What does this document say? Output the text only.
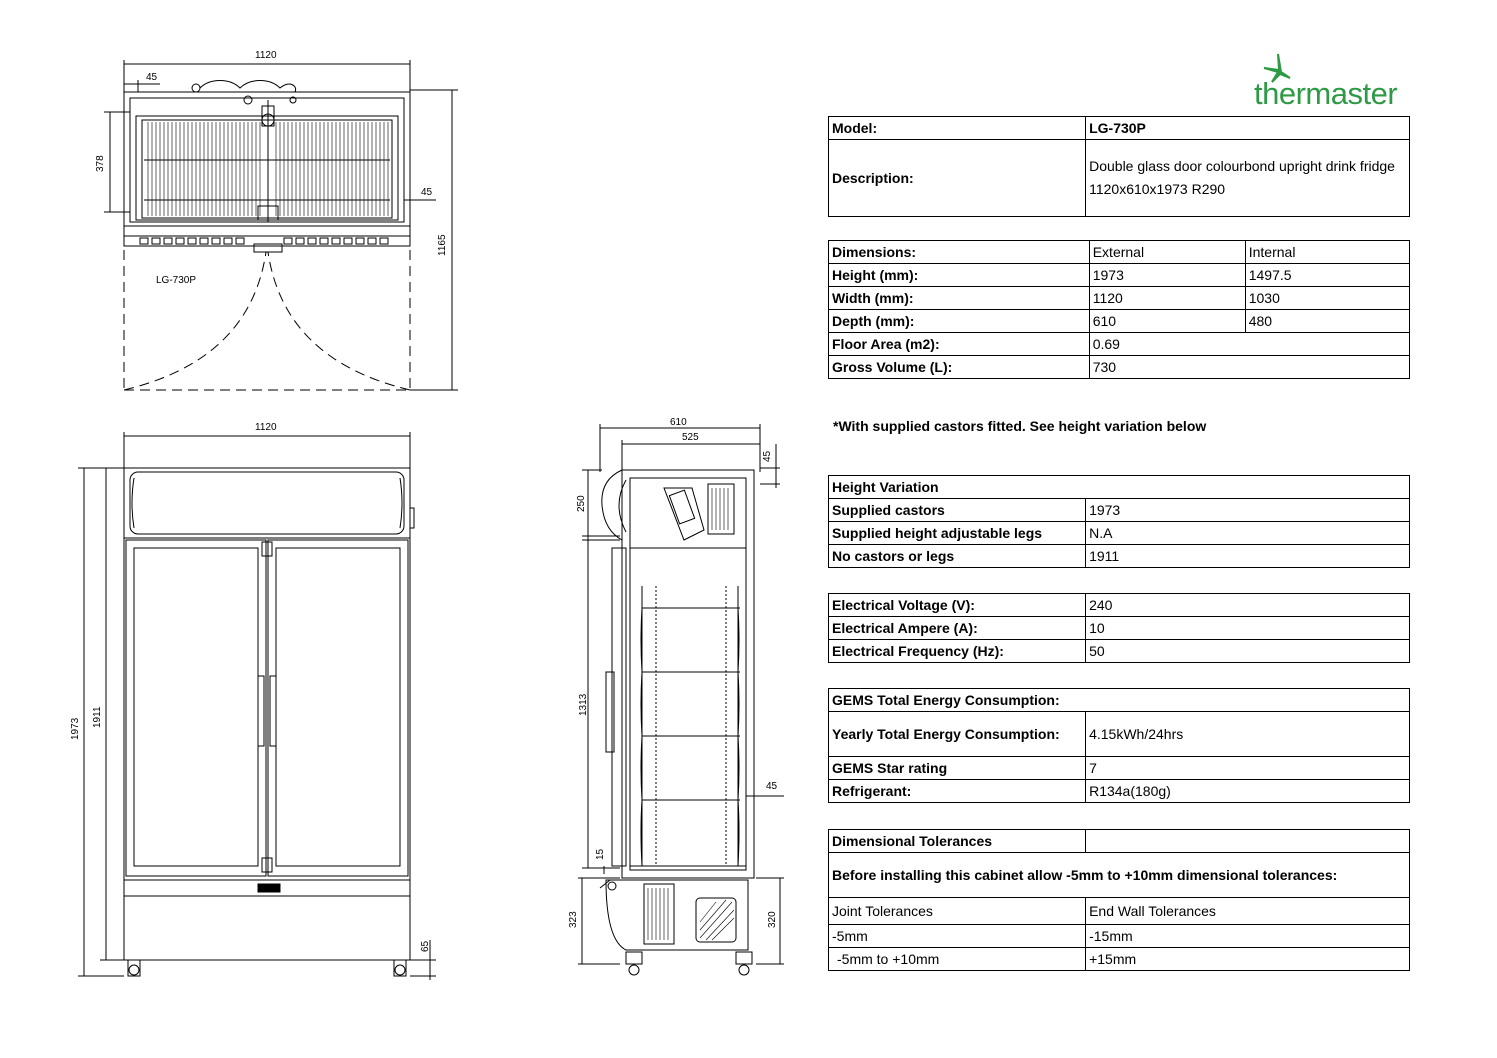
1120
45
378
45
1165
LG-730P
1120
1973
1911
65
610
525
45
250
1313
45
15
323	320
thermaster
Model:	LG-730P
Description:	Double glass door colourbond upright drink fridge 1120x610x1973 R290
Dimensions:	External	Internal
Height (mm):	1973	1497.5
Width (mm):	1120	1030
Depth (mm):	610	480
Floor Area (m2):	0.69	
Gross Volume (L):	730	
*With supplied castors fitted. See height variation below
Height Variation	
Supplied castors	1973
Supplied height adjustable legs	N.A
No castors or legs	1911
Electrical Voltage (V):	240
Electrical Ampere (A):	10
Electrical Frequency (Hz):	50
GEMS Total Energy Consumption:	
Yearly Total Energy Consumption:	4.15kWh/24hrs
GEMS Star rating	7
Refrigerant:	R134a(180g)
Dimensional Tolerances	
Before installing this cabinet allow -5mm to +10mm dimensional tolerances:	
Joint Tolerances	End Wall Tolerances
-5mm	-15mm
-5mm to +10mm	+15mm
